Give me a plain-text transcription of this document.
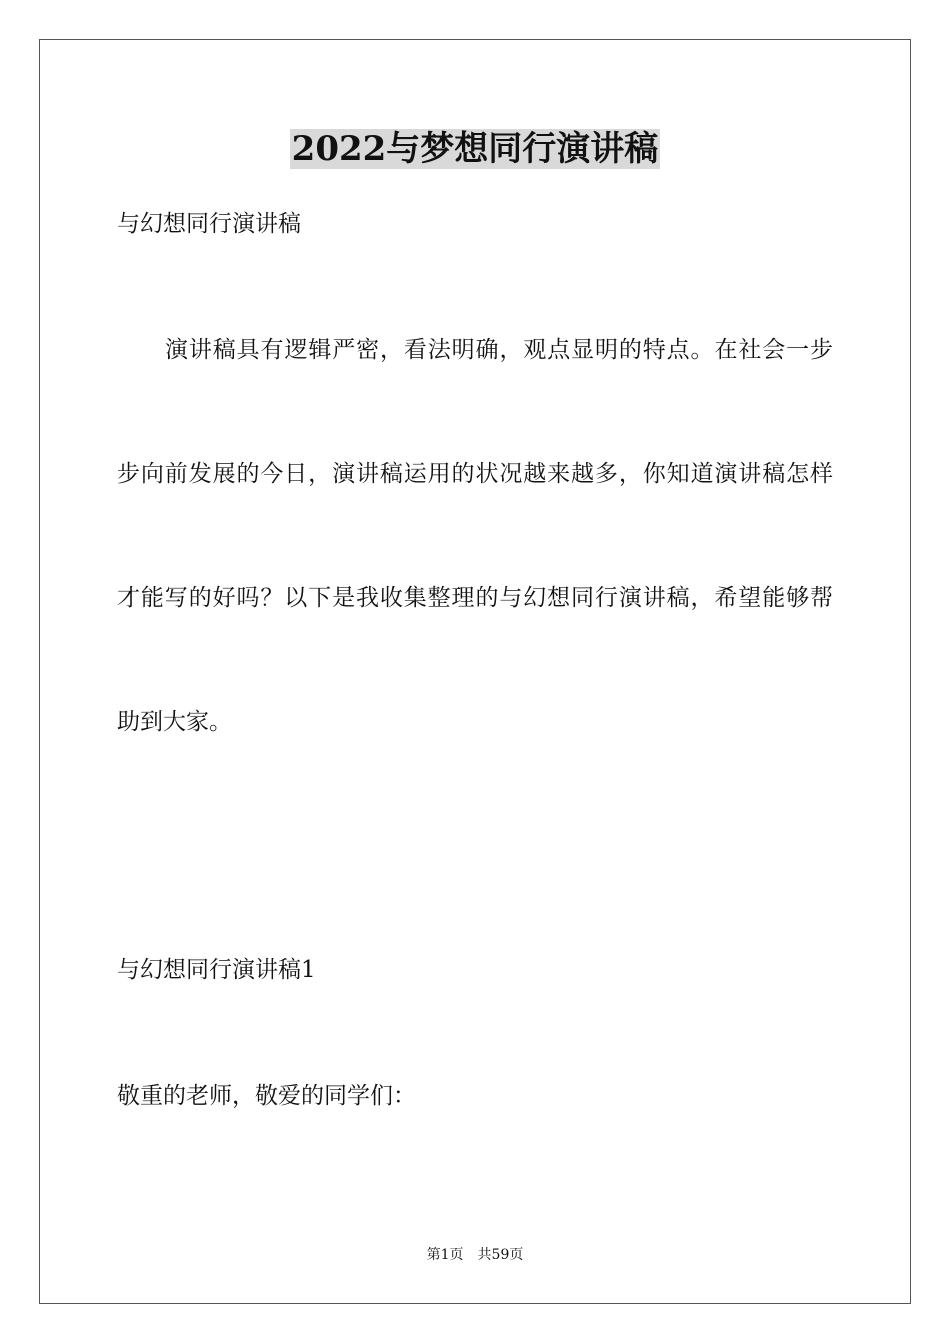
2022与梦想同行演讲稿
与幻想同行演讲稿
演讲稿具有逻辑严密，看法明确，观点显明的特点。在社会一步
步向前发展的今日，演讲稿运用的状况越来越多，你知道演讲稿怎样
才能写的好吗？以下是我收集整理的与幻想同行演讲稿，希望能够帮
助到大家。
与幻想同行演讲稿1
敬重的老师，敬爱的同学们：
第1页 共59页
